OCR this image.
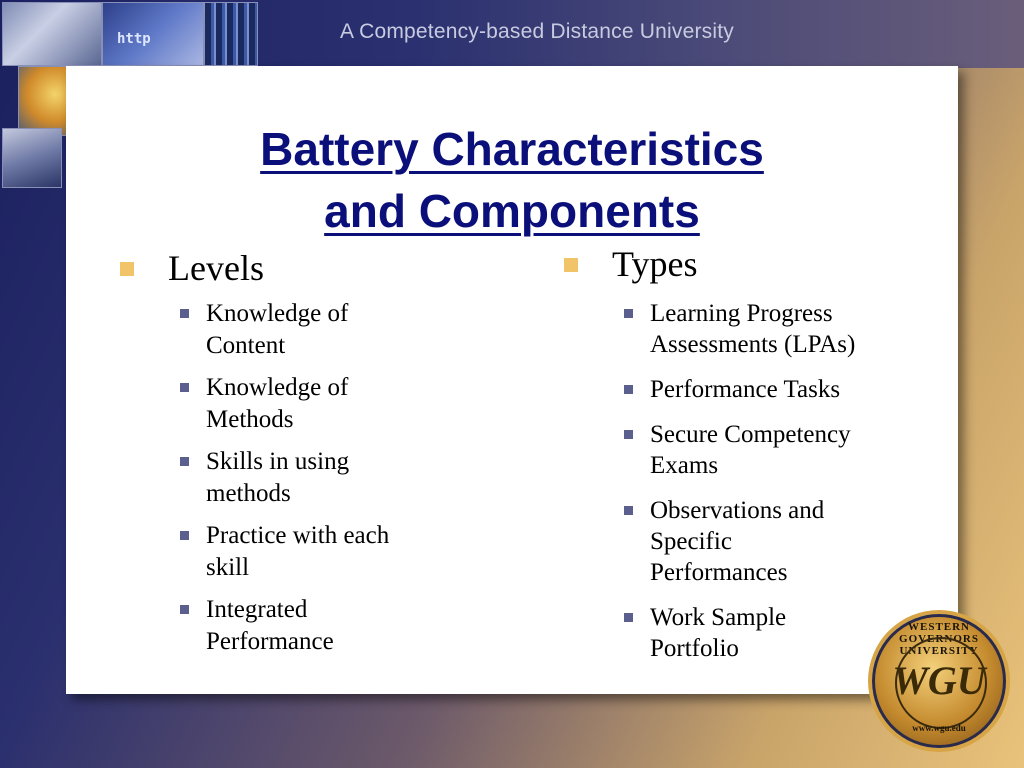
http	A Competency-based Distance University
Battery Characteristics
and Components
Levels
Knowledge of
Content
Knowledge of
Methods
Skills in using
methods
Practice with each
skill
Integrated
Performance
Types
Learning Progress
Assessments (LPAs)
Performance Tasks
Secure Competency
Exams
Observations and
Specific
Performances
Work Sample
Portfolio
WESTERN GOVERNORS UNIVERSITY
WGU
www.wgu.edu
